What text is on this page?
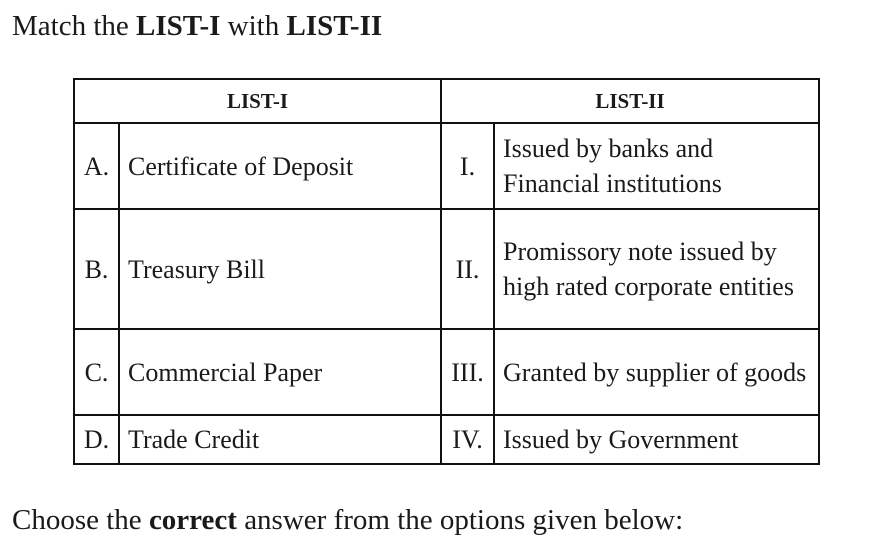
Match the LIST-I with LIST-II
LIST-I		LIST-II	
A.	Certificate of Deposit	I.	Issued by banks and Financial institutions
B.	Treasury Bill	II.	Promissory note issued by high rated corporate entities
C.	Commercial Paper	III.	Granted by supplier of goods
D.	Trade Credit	IV.	Issued by Government
Choose the correct answer from the options given below:
